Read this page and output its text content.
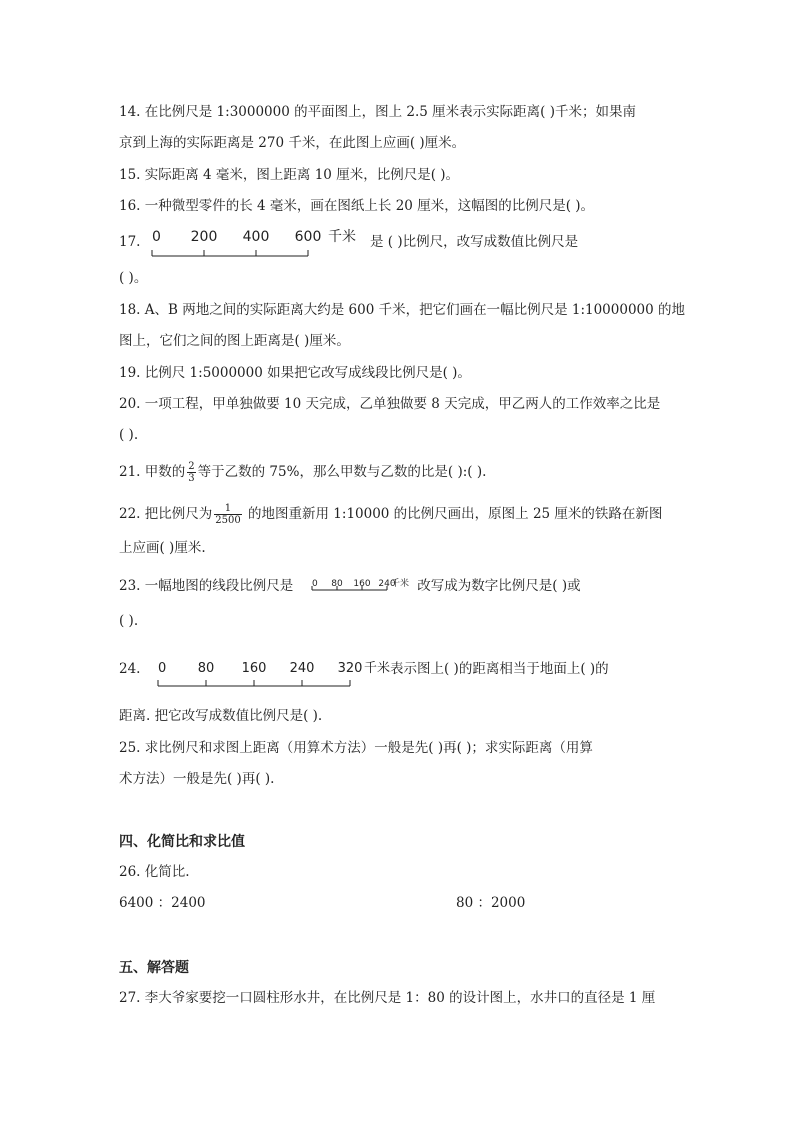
14. 在比例尺是 1:3000000 的平面图上，图上 2.5 厘米表示实际距离( )千米；如果南
京到上海的实际距离是 270 千米，在此图上应画( )厘米。
15. 实际距离 4 毫米，图上距离 10 厘米，比例尺是( )。
16. 一种微型零件的长 4 毫米，画在图纸上长 20 厘米，这幅图的比例尺是( )。
17. 0 200 400 600 千米 是 ( )比例尺，改写成数值比例尺是
( )。
18. A、B 两地之间的实际距离大约是 600 千米，把它们画在一幅比例尺是 1:10000000 的地
图上，它们之间的图上距离是( )厘米。
19. 比例尺 1:5000000 如果把它改写成线段比例尺是( )。
20. 一项工程，甲单独做要 10 天完成，乙单独做要 8 天完成，甲乙两人的工作效率之比是
( ).
21. 甲数的 $\frac{2}{3}$ 等于乙数的 75%，那么甲数与乙数的比是( ):( ).
22. 把比例尺为 $\frac{1}{2500}$ 的地图重新用 1:10000 的比例尺画出，原图上 25 厘米的铁路在新图
上应画( )厘米.
23. 一幅地图的线段比例尺是	改写成为数字比例尺是( )或
0 80 160 240
千米
( ).
24. 0 80 160 240 320 千米 表示图上( )的距离相当于地面上( )的
距离. 把它改写成数值比例尺是( ).
25. 求比例尺和求图上距离（用算术方法）一般是先( )再( )；求实际距离（用算
术方法）一般是先( )再( ).
四、化简比和求比值
26. 化简比.
6400 ：2400	80 ：2000
五、解答题
27. 李大爷家要挖一口圆柱形水井，在比例尺是 1：80 的设计图上，水井口的直径是 1 厘
